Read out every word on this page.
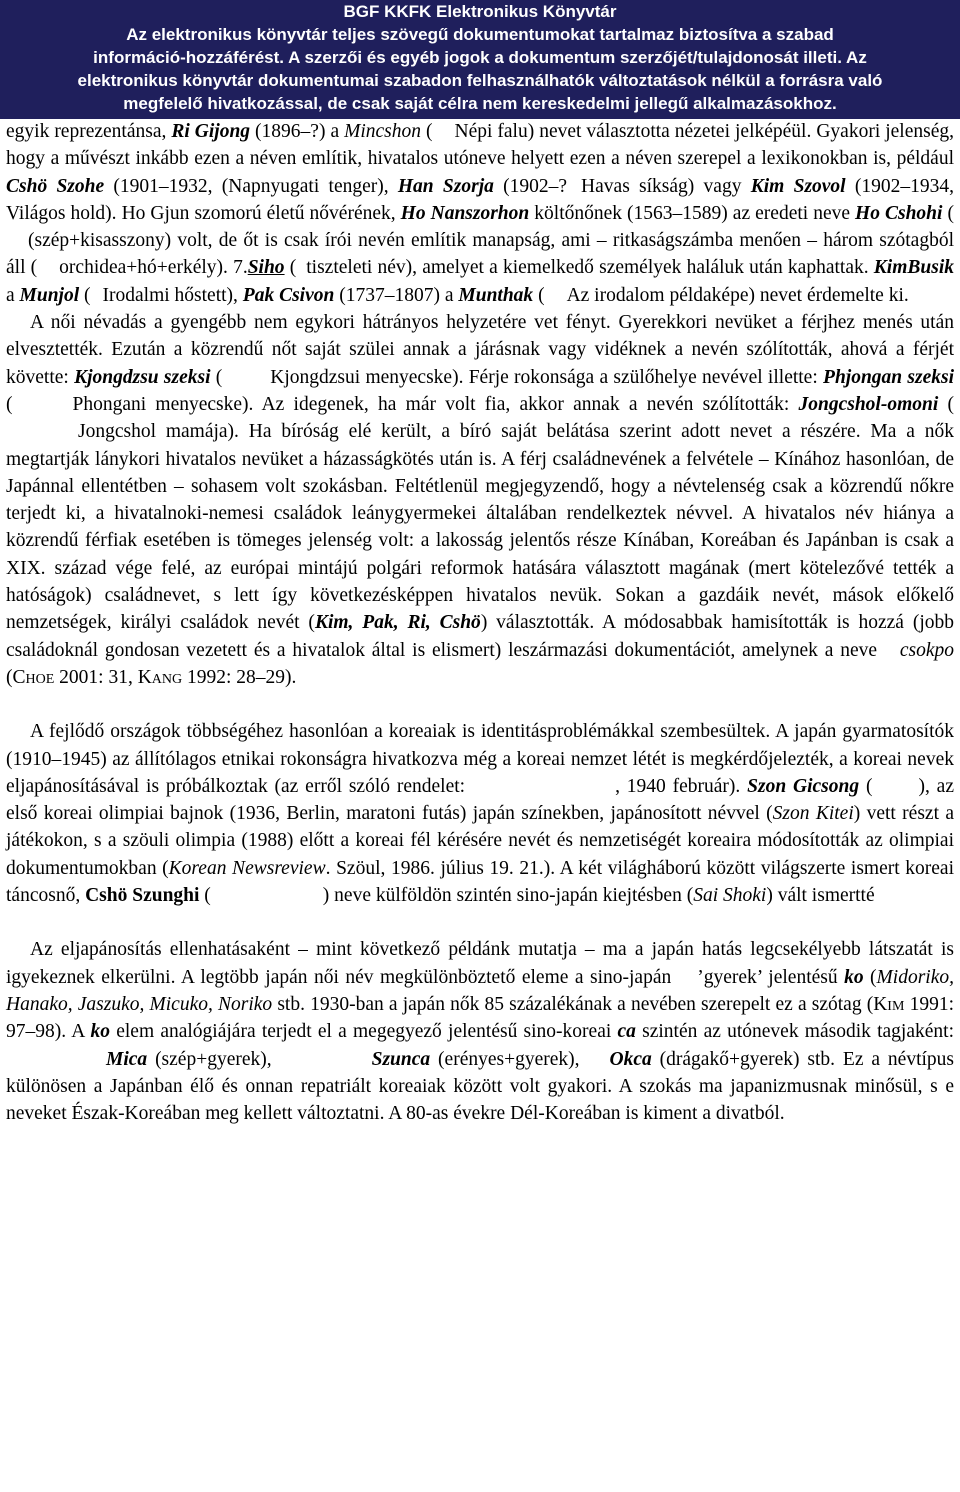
BGF KKFK Elektronikus Könyvtár
Az elektronikus könyvtár teljes szövegű dokumentumokat tartalmaz biztosítva a szabad
információ-hozzáférést. A szerzői és egyéb jogok a dokumentum szerzőjét/tulajdonosát illeti. Az
elektronikus könyvtár dokumentumai szabadon felhasználhatók változtatások nélkül a forrásra való
megfelelő hivatkozással, de csak saját célra nem kereskedelmi jellegű alkalmazásokhoz.

egyik reprezentánsa, Ri Gijong (1896–?) a Mincshon ( Népi falu) nevet választotta nézetei jelképéül. Gyakori jelenség, hogy a művészt inkább ezen a néven említik, hivatalos utóneve helyett ezen a néven szerepel a lexikonokban is, például Cshö Szohe (1901–1932, (Napnyugati tenger), Han Szorja (1902–? Havas síkság) vagy Kim Szovol (1902–1934, Világos hold). Ho Gjun szomorú életű nővérének, Ho Nanszorhon költőnőnek (1563–1589) az eredeti neve Ho Cshohi ((szép+kisasszony) volt, de őt is csak írói nevén említik manapság, ami – ritkaságszámba menően – három szótagból áll ( orchidea+hó+erkély). 7.Siho ( tiszteleti név), amelyet a kiemelkedő személyek haláluk után kaphattak. KimBusik a Munjol ( Irodalmi hőstett), Pak Csivon (1737–1807) a Munthak ( Az irodalom példaképe) nevet érdemelte ki.

A női névadás a gyengébb nem egykori hátrányos helyzetére vet fényt. Gyerekkori nevüket a férjhez menés után elvesztették. Ezután a közrendű nőt saját szülei annak a járásnak vagy vidéknek a nevén szólították, ahová a férjét követte: Kjongdzsu szeksi ( Kjongdzsui menyecske). Férje rokonsága a szülőhelye nevével illette: Phjongan szeksi (	Phongani menyecske). Az idegenek, ha már volt fia, akkor annak a nevén szólították: Jongcshol-omoni (Jongcshol mamája). Ha bíróság elé került, a bíró saját belátása szerint adott nevet a részére. Ma a nők megtartják lánykori hivatalos nevüket a házasságkötés után is. A férj családnevének a felvétele – Kínához hasonlóan, de Japánnal ellentétben – sohasem volt szokásban. Feltétlenül megjegyzendő, hogy a névtelenség csak a közrendű nőkre terjedt ki, a hivatalnoki-nemesi családok leánygyermekei általában rendelkeztek névvel. A hivatalos név hiánya a közrendű férfiak esetében is tömeges jelenség volt: a lakosság jelentős része Kínában, Koreában és Japánban is csak a XIX. század vége felé, az európai mintájú polgári reformok hatására választott magának (mert kötelezővé tették a hatóságok) családnevet, s lett így következésképpen hivatalos nevük. Sokan a gazdáik nevét, mások előkelő nemzetségek, királyi családok nevét (Kim, Pak, Ri, Cshö) választották. A módosabbak hamisították is hozzá (jobb családoknál gondosan vezetett és a hivatalok által is elismert) leszármazási dokumentációt, amelynek a neve csokpo (Choe 2001: 31, Kang 1992: 28–29).

A fejlődő országok többségéhez hasonlóan a koreaiak is identitásproblémákkal szembesültek. A japán gyarmatosítók (1910–1945) az állítólagos etnikai rokonságra hivatkozva még a koreai nemzet létét is megkérdőjelezték, a koreai nevek eljapánosításával is próbálkoztak (az erről szóló rendelet:	, 1940 február). Szon Gicsong ( ), az első koreai olimpiai bajnok (1936, Berlin, maratoni futás) japán színekben, japánosított névvel (Szon Kitei) vett részt a játékokon, s a szöuli olimpia (1988) előtt a koreai fél kérésére nevét és nemzetiségét koreaira módosították az olimpiai dokumentumokban (Korean Newsreview. Szöul, 1986. július 19. 21.). A két világháború között világszerte ismert koreai táncosnő, Cshö Szunghi (	) neve külföldön szintén sino-japán kiejtésben (Sai Shoki) vált ismertté

Az eljapánosítás ellenhatásaként – mint következő példánk mutatja – ma a japán hatás legcsekélyebb látszatát is igyekeznek elkerülni. A legtöbb japán női név megkülönböztető eleme a sino-japán ’gyerek’ jelentésű ko (Midoriko, Hanako, Jaszuko, Micuko, Noriko stb. 1930-ban a japán nők 85 százalékának a nevében szerepelt ez a szótag (Kim 1991: 97–98). A ko elem analógiájára terjedt el a megegyező jelentésű sino-koreai ca szintén az utónevek második tagjaként:Mica (szép+gyerek),	Szunca (erényes+gyerek), Okca (drágakő+gyerek) stb. Ez a névtípus különösen a Japánban élő és onnan repatriált koreaiak között volt gyakori. A szokás ma japanizmusnak minősül, s e neveket Észak-Koreában meg kellett változtatni. A 80-as évekre Dél-Koreában is kiment a divatból.
